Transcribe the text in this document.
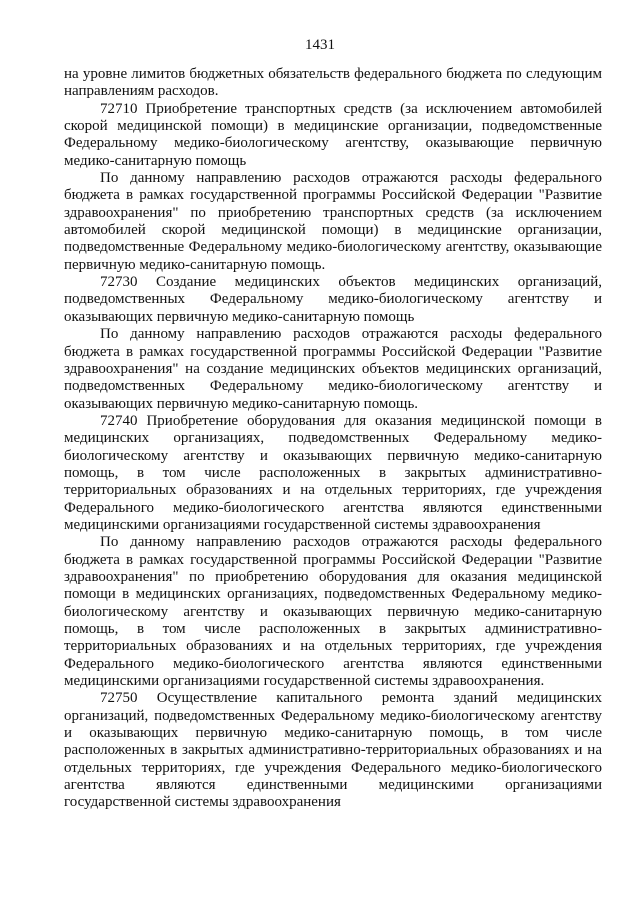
1431

на уровне лимитов бюджетных обязательств федерального бюджета по следующим направлениям расходов.

72710 Приобретение транспортных средств (за исключением автомобилей скорой медицинской помощи) в медицинские организации, подведомственные Федеральному медико-биологическому агентству, оказывающие первичную медико-санитарную помощь

По данному направлению расходов отражаются расходы федерального бюджета в рамках государственной программы Российской Федерации "Развитие здравоохранения" по приобретению транспортных средств (за исключением автомобилей скорой медицинской помощи) в медицинские организации, подведомственные Федеральному медико-биологическому агентству, оказывающие первичную медико-санитарную помощь.

72730 Создание медицинских объектов медицинских организаций, подведомственных Федеральному медико-биологическому агентству и оказывающих первичную медико-санитарную помощь

По данному направлению расходов отражаются расходы федерального бюджета в рамках государственной программы Российской Федерации "Развитие здравоохранения" на создание медицинских объектов медицинских организаций, подведомственных Федеральному медико-биологическому агентству и оказывающих первичную медико-санитарную помощь.

72740 Приобретение оборудования для оказания медицинской помощи в медицинских организациях, подведомственных Федеральному медико-биологическому агентству и оказывающих первичную медико-санитарную помощь, в том числе расположенных в закрытых административно-территориальных образованиях и на отдельных территориях, где учреждения Федерального медико-биологического агентства являются единственными медицинскими организациями государственной системы здравоохранения

По данному направлению расходов отражаются расходы федерального бюджета в рамках государственной программы Российской Федерации "Развитие здравоохранения" по приобретению оборудования для оказания медицинской помощи в медицинских организациях, подведомственных Федеральному медико-биологическому агентству и оказывающих первичную медико-санитарную помощь, в том числе расположенных в закрытых административно-территориальных образованиях и на отдельных территориях, где учреждения Федерального медико-биологического агентства являются единственными медицинскими организациями государственной системы здравоохранения.

72750 Осуществление капитального ремонта зданий медицинских организаций, подведомственных Федеральному медико-биологическому агентству и оказывающих первичную медико-санитарную помощь, в том числе расположенных в закрытых административно-территориальных образованиях и на отдельных территориях, где учреждения Федерального медико-биологического агентства являются единственными медицинскими организациями государственной системы здравоохранения
